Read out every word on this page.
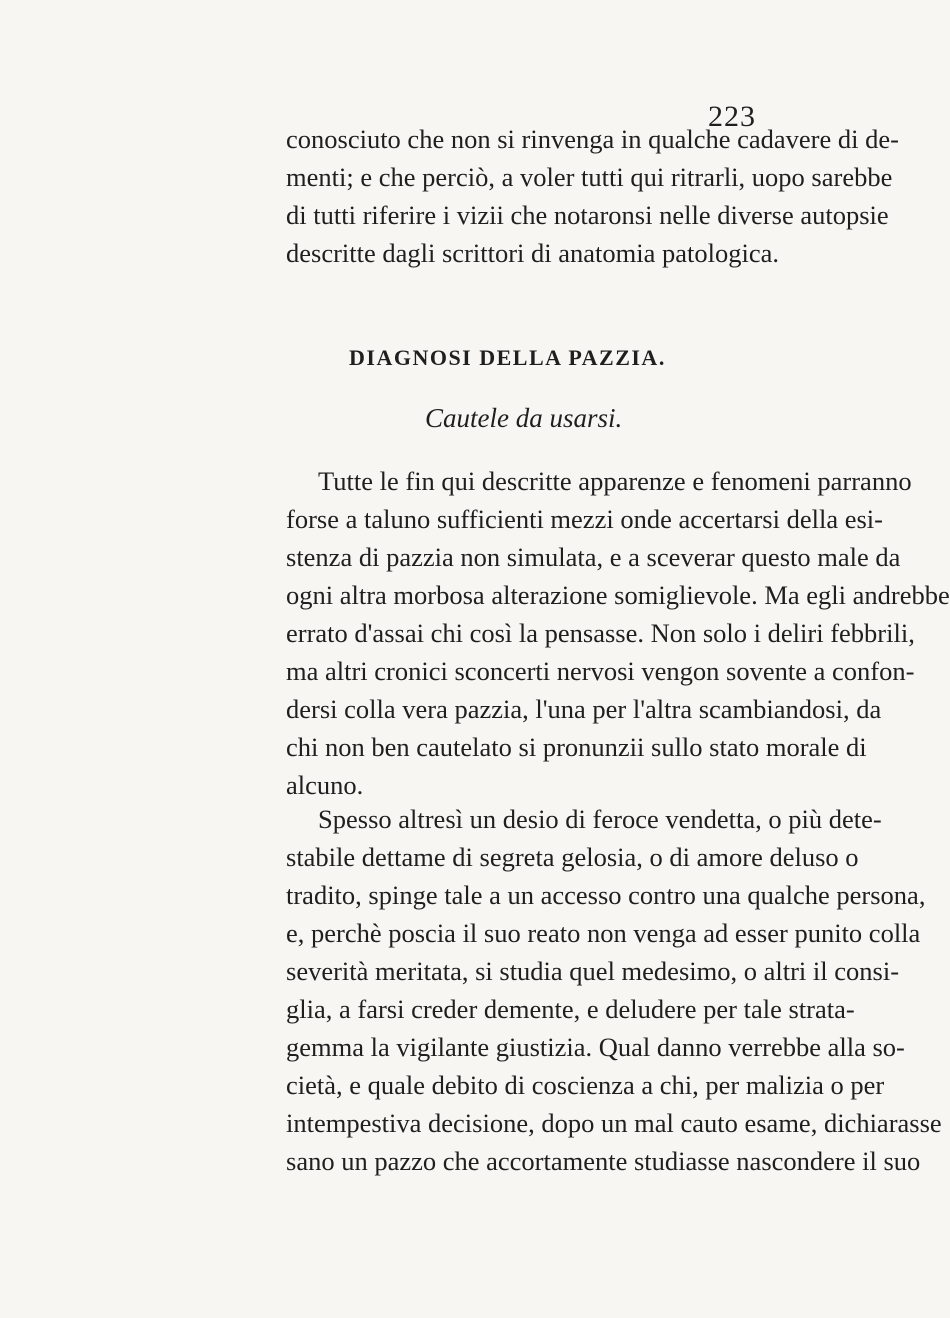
223
conosciuto che non si rinvenga in qualche cadavere di de-
menti; e che perciò, a voler tutti qui ritrarli, uopo sarebbe
di tutti riferire i vizii che notaronsi nelle diverse autopsie
descritte dagli scrittori di anatomia patologica.
DIAGNOSI DELLA PAZZIA.
Cautele da usarsi.
Tutte le fin qui descritte apparenze e fenomeni parranno
forse a taluno sufficienti mezzi onde accertarsi della esi-
stenza di pazzia non simulata, e a sceverar questo male da
ogni altra morbosa alterazione somiglievole. Ma egli andrebbe
errato d'assai chi così la pensasse. Non solo i deliri febbrili,
ma altri cronici sconcerti nervosi vengon sovente a confon-
dersi colla vera pazzia, l'una per l'altra scambiandosi, da
chi non ben cautelato si pronunzii sullo stato morale di
alcuno.
Spesso altresì un desio di feroce vendetta, o più dete-
stabile dettame di segreta gelosia, o di amore deluso o
tradito, spinge tale a un accesso contro una qualche persona,
e, perchè poscia il suo reato non venga ad esser punito colla
severità meritata, si studia quel medesimo, o altri il consi-
glia, a farsi creder demente, e deludere per tale strata-
gemma la vigilante giustizia. Qual danno verrebbe alla so-
cietà, e quale debito di coscienza a chi, per malizia o per
intempestiva decisione, dopo un mal cauto esame, dichiarasse
sano un pazzo che accortamente studiasse nascondere il suo
